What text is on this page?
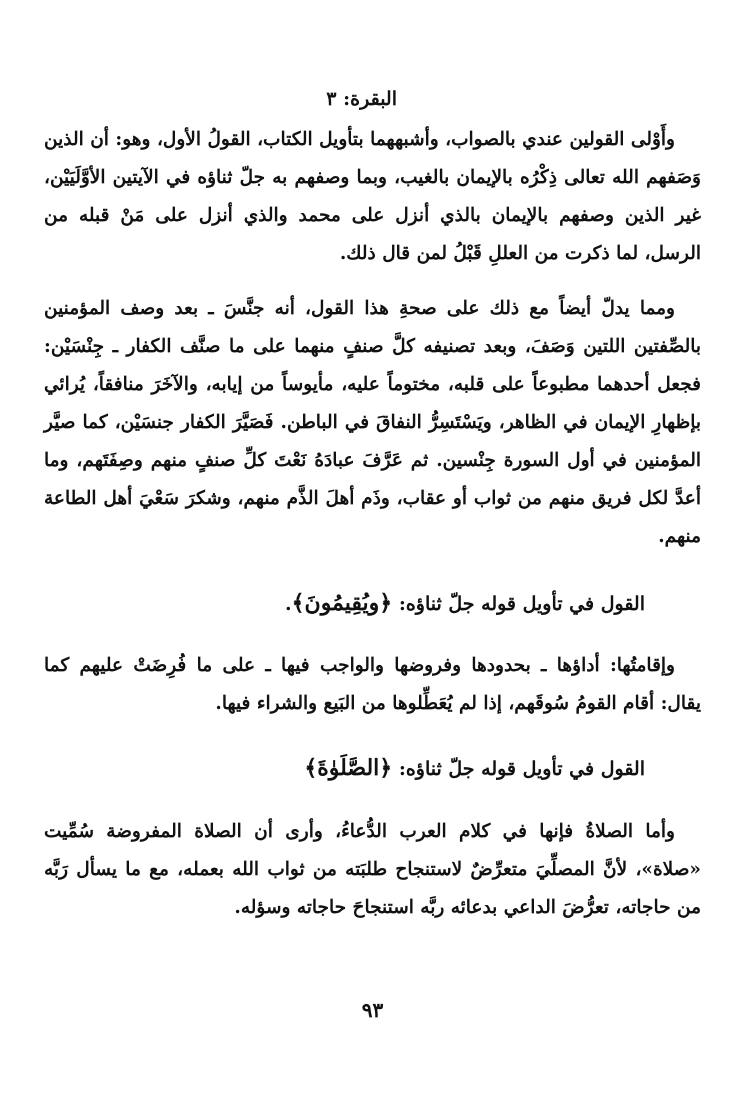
البقرة: ٣

وأَوْلى القولين عندي بالصواب، وأشبههما بتأويل الكتاب، القولُ الأول، وهو: أن الذين وَصَفهم الله تعالى ذِكْرُه بالإيمان بالغيب، وبما وصفهم به جلّ ثناؤه في الآيتين الأوَّلَيَيْن، غير الذين وصفهم بالإيمان بالذي أنزل على محمد والذي أنزل على مَنْ قبله من الرسل، لما ذكرت من العللِ قَبْلُ لمن قال ذلك.

ومما يدلّ أيضاً مع ذلك على صحةِ هذا القول، أنه جنَّسَ ـ بعد وصف المؤمنين بالصِّفتين اللتين وَصَفَ، وبعد تصنيفه كلَّ صنفٍ منهما على ما صنَّف الكفار ـ جِنْسَيْن: فجعل أحدهما مطبوعاً على قلبه، مختوماً عليه، مأيوساً من إيابه، والآخَرَ منافقاً، يُرائي بإظهارِ الإيمان في الظاهر، ويَسْتَسِرُّ النفاقَ في الباطن. فَصَيَّرَ الكفار جنسَيْن، كما صيَّر المؤمنين في أول السورة جِنْسين. ثم عَرَّفَ عبادَهُ نَعْتَ كلِّ صنفٍ منهم وصِفَتَهم، وما أعدَّ لكل فريق منهم من ثواب أو عقاب، وذَم أهلَ الذَّم منهم، وشكرَ سَعْيَ أهل الطاعة منهم.

القول في تأويل قوله جلّ ثناؤه: ﴿ويُقِيمُونَ﴾.

وإقامتُها: أداؤها ـ بحدودها وفروضها والواجب فيها ـ على ما فُرِضَتْ عليهم كما يقال: أقام القومُ سُوقَهم، إذا لم يُعَطِّلوها من البَيع والشراء فيها.

القول في تأويل قوله جلّ ثناؤه: ﴿الصَّلَوٰةَ﴾

وأما الصلاةُ فإنها في كلام العرب الدُّعاءُ، وأرى أن الصلاة المفروضة سُمِّيت «صلاة»، لأنَّ المصلِّيَ متعرِّضٌ لاستنجاح طلبَته من ثواب الله بعمله، مع ما يسأل رَبَّه من حاجاته، تعرُّضَ الداعي بدعائه ربَّه استنجاحَ حاجاته وسؤله.

٩٣
